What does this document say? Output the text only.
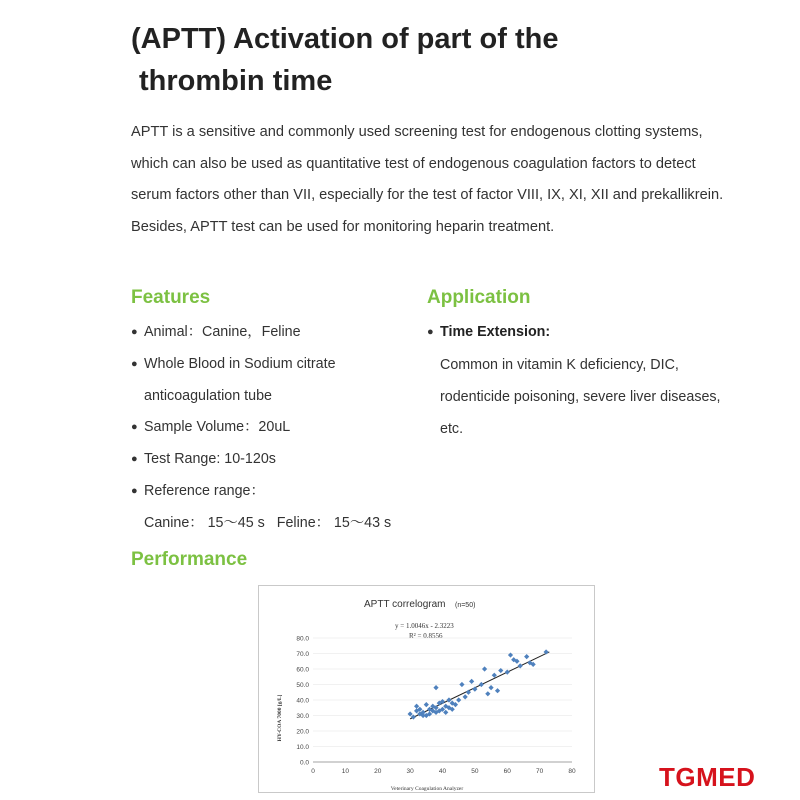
(APTT) Activation of part of the
thrombin time

APTT is a sensitive and commonly used screening test for endogenous clotting systems, which can also be used as quantitative test of endogenous coagulation factors to detect serum factors other than VII, especially for the test of factor VIII, IX, XI, XII and prekallikrein. Besides, APTT test can be used for monitoring heparin treatment.

Features	Application
● Animal：Canine，Feline
● Whole Blood in Sodium citrate
anticoagulation tube
● Sample Volume：20uL
● Test Range: 10-120s
● Reference range：
Canine： 15～45 s   Feline： 15～43 s
● Time Extension:

Common in vitamin K deficiency, DIC, rodenticide poisoning, severe liver diseases, etc.

Performance
APTT correlogram (n=50)
y = 1.0046x - 2.3223
R² = 0.8556
HY-COA 7000 [g/L]
Veterinary Coagulation Analyzer
0.0
10.0
20.0
30.0
40.0
50.0
60.0
70.0
80.0
0	10	20	30	40	50	60	70	80	TGMED
